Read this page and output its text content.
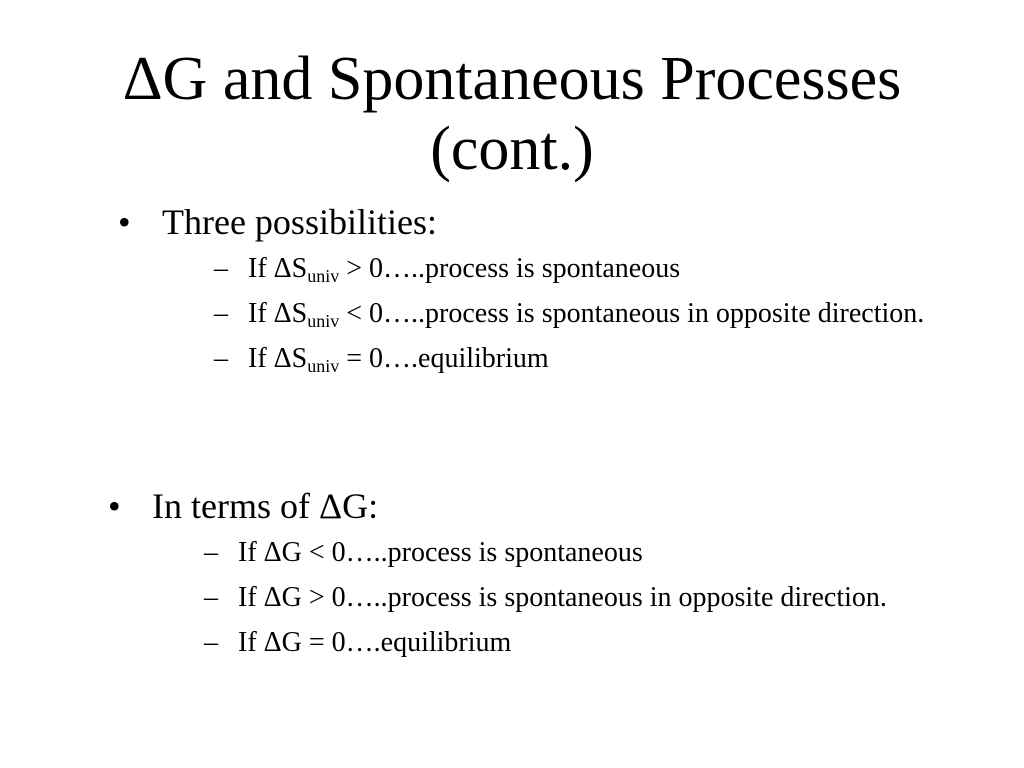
ΔG and Spontaneous Processes
(cont.)
• Three possibilities:
– If $\Delta S_{univ}$ > 0…..process is spontaneous
– If $\Delta S_{univ}$ < 0…..process is spontaneous in opposite direction.
– If $\Delta S_{univ}$ = 0….equilibrium
• In terms of ΔG:
– If ΔG < 0…..process is spontaneous
– If ΔG > 0…..process is spontaneous in opposite direction.
– If ΔG = 0….equilibrium
